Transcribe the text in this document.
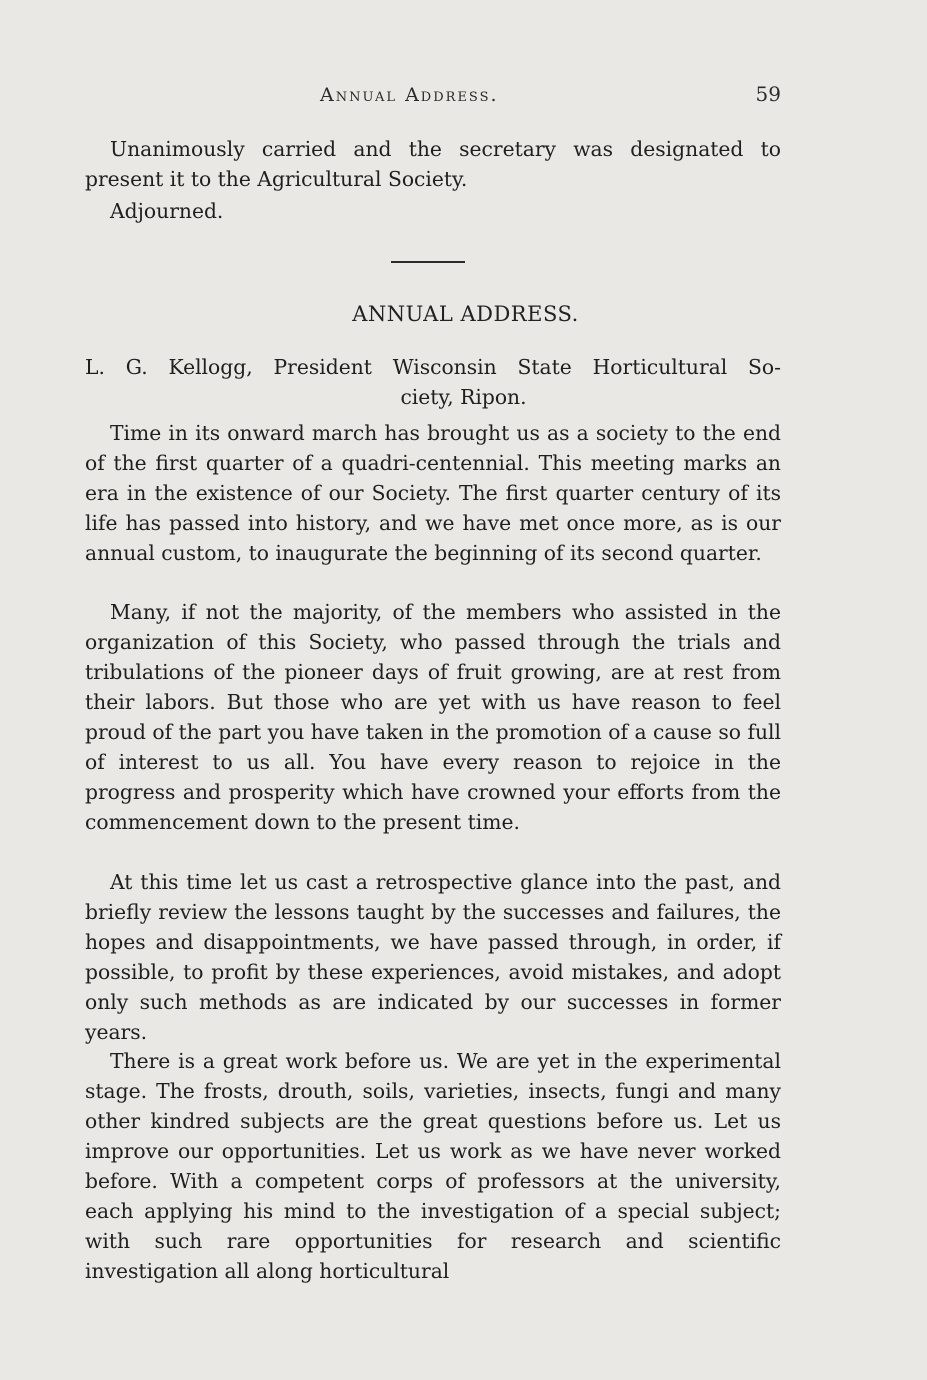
Annual Address.	59

Unanimously carried and the secretary was designated to present it to the Agricultural Society.

Adjourned.

ANNUAL ADDRESS.
L. G. Kellogg, President Wisconsin State Horticultural So-
ciety, Ripon.

Time in its onward march has brought us as a society to the end of the first quarter of a quadri-centennial. This meeting marks an era in the existence of our Society. The first quarter century of its life has passed into history, and we have met once more, as is our annual custom, to inaugurate the beginning of its second quarter.

Many, if not the majority, of the members who assisted in the organization of this Society, who passed through the trials and tribulations of the pioneer days of fruit growing, are at rest from their labors. But those who are yet with us have reason to feel proud of the part you have taken in the promotion of a cause so full of interest to us all. You have every reason to rejoice in the progress and prosperity which have crowned your efforts from the commencement down to the present time.

At this time let us cast a retrospective glance into the past, and briefly review the lessons taught by the successes and failures, the hopes and disappointments, we have passed through, in order, if possible, to profit by these experiences, avoid mistakes, and adopt only such methods as are indicated by our successes in former years.

There is a great work before us. We are yet in the experimental stage. The frosts, drouth, soils, varieties, insects, fungi and many other kindred subjects are the great questions before us. Let us improve our opportunities. Let us work as we have never worked before. With a competent corps of professors at the university, each applying his mind to the investigation of a special subject; with such rare opportunities for research and scientific investigation all along horticultural
